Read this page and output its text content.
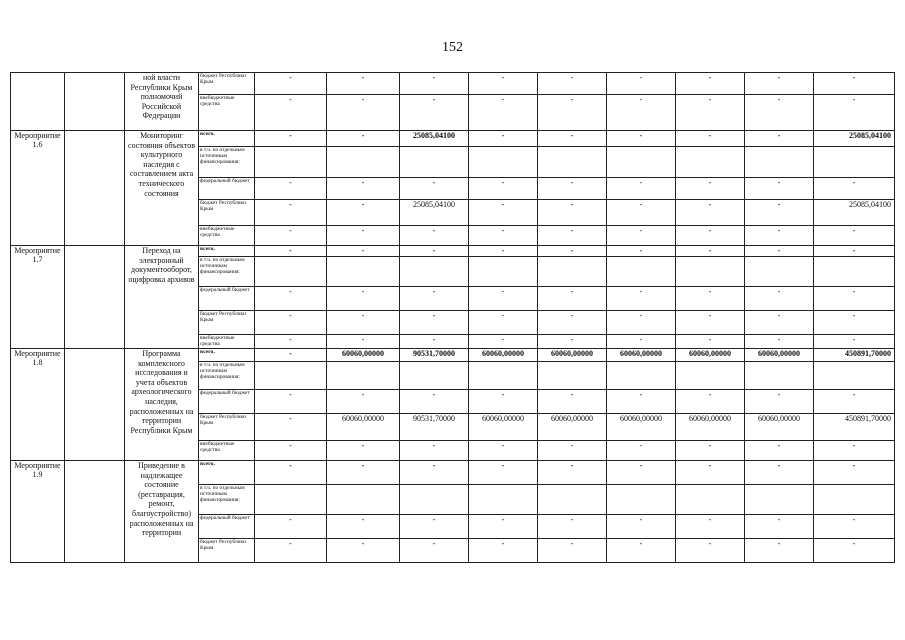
152
		ной власти Республики Крым полномочий Российской Федерации	бюджет Республики Крым	-	-	-	-	-	-	-	-	-
			внебюджетные средства	-	-	-	-	-	-	-	-	-
Мероприятие 1.6		Мониторинг состояния объектов культурного наследия с составлением акта технического состояния	всего,	-	-	25085,04100	-	-	-	-	-	25085,04100
			в т.ч. по отдельным источникам финансирования:									
			федеральный бюджет	-	-	-	-	-	-	-	-	-
			бюджет Республики Крым	-	-	25085,04100	-	-	-	-	-	25085,04100
			внебюджетные средства	-	-	-	-	-	-	-	-	-
Мероприятие 1.7		Переход на электронный документооборот, оцифровка архивов	всего,	-	-	-	-	-	-	-	-	-
			в т.ч. по отдельным источникам финансирования:									
			федеральный бюджет	-	-	-	-	-	-	-	-	-
			бюджет Республики Крым	-	-	-	-	-	-	-	-	-
			внебюджетные средства	-	-	-	-	-	-	-	-	-
Мероприятие 1.8		Программа комплексного исследования и учета объектов археологического наследия, расположенных на территории Республики Крым	всего,	-	60060,00000	90531,70000	60060,00000	60060,00000	60060,00000	60060,00000	60060,00000	450891,70000
			в т.ч. по отдельным источникам финансирования:									
			федеральный бюджет	-	-	-	-	-	-	-	-	-
			бюджет Республики Крым	-	60060,00000	90531,70000	60060,00000	60060,00000	60060,00000	60060,00000	60060,00000	450891,70000
			внебюджетные средства	-	-	-	-	-	-	-	-	-
Мероприятие 1.9		Приведение в надлежащее состояние (реставрация, ремонт, благоустройство) расположенных на территории	всего,	-	-	-	-	-	-	-	-	-
			в т.ч. по отдельным источникам финансирования:									
			федеральный бюджет	-	-	-	-	-	-	-	-	-
			бюджет Республики Крым	-	-	-	-	-	-	-	-	-
